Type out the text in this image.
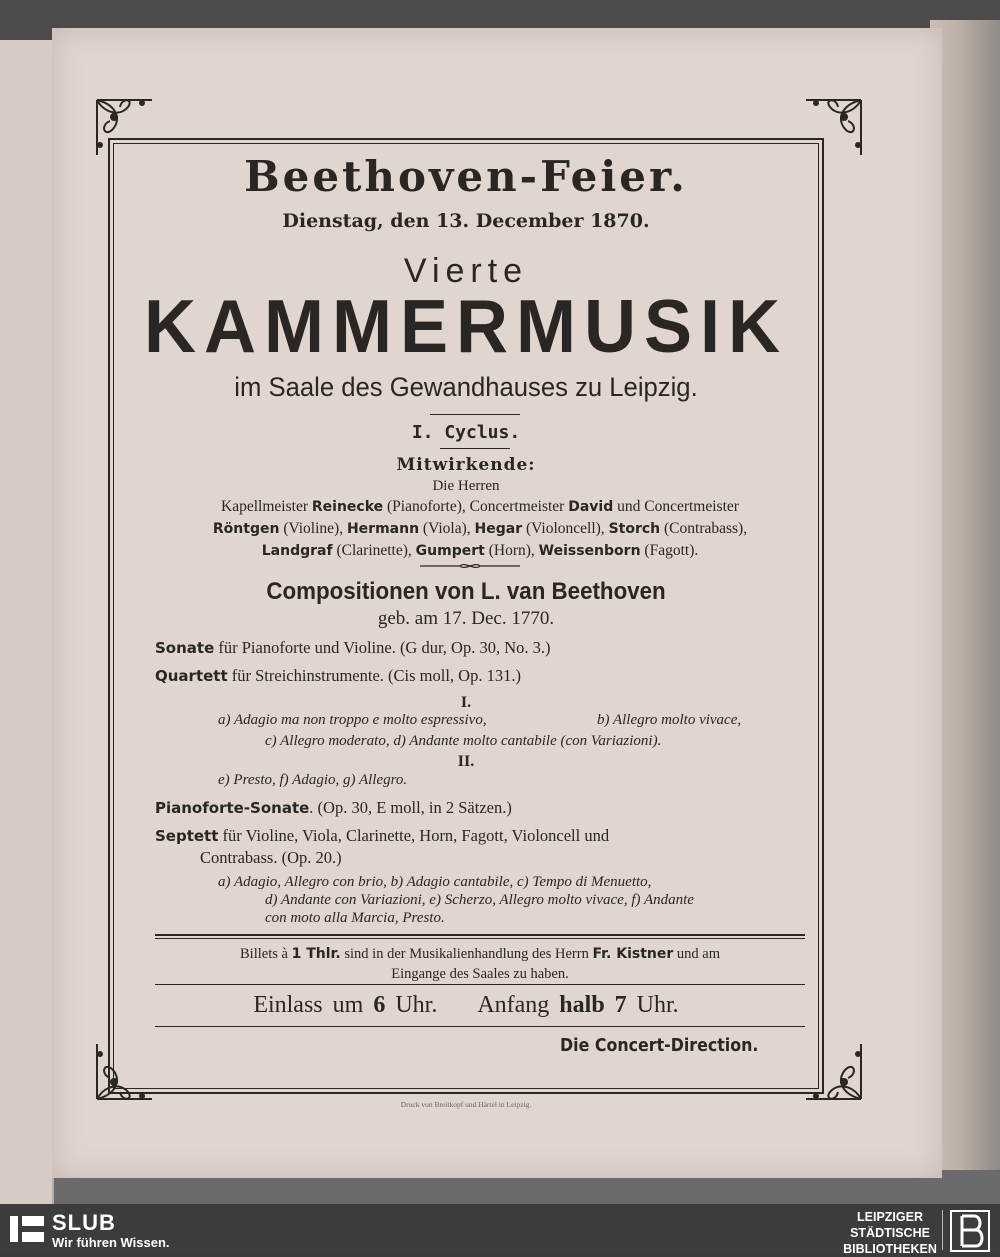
Beethoven-Feier.
Dienstag, den 13. December 1870.
Vierte
KAMMERMUSIK
im Saale des Gewandhauses zu Leipzig.
I. Cyclus.
Mitwirkende:
Die Herren
Kapellmeister Reinecke (Pianoforte), Concertmeister David und Concertmeister
Röntgen (Violine), Hermann (Viola), Hegar (Violoncell), Storch (Contrabass),
Landgraf (Clarinette), Gumpert (Horn), Weissenborn (Fagott).
Compositionen von L. van Beethoven
geb. am 17. Dec. 1770.
Sonate für Pianoforte und Violine. (G dur, Op. 30, No. 3.)
Quartett für Streichinstrumente. (Cis moll, Op. 131.)
I.
a) Adagio ma non troppo e molto espressivo,	b) Allegro molto vivace,
c) Allegro moderato, d) Andante molto cantabile (con Variazioni).
II.
e) Presto, f) Adagio, g) Allegro.
Pianoforte-Sonate. (Op. 30, E moll, in 2 Sätzen.)
Septett für Violine, Viola, Clarinette, Horn, Fagott, Violoncell und
Contrabass. (Op. 20.)
a) Adagio, Allegro con brio, b) Adagio cantabile, c) Tempo di Menuetto,
d) Andante con Variazioni, e) Scherzo, Allegro molto vivace, f) Andante
con moto alla Marcia, Presto.
Billets à 1 Thlr. sind in der Musikalienhandlung des Herrn Fr. Kistner und am
Eingange des Saales zu haben.
Einlass um 6 Uhr. Anfang halb 7 Uhr.
Die Concert-Direction.
Druck von Breitkopf und Härtel in Leipzig.
SLUB
Wir führen Wissen.
LEIPZIGER
STÄDTISCHE
BIBLIOTHEKEN
